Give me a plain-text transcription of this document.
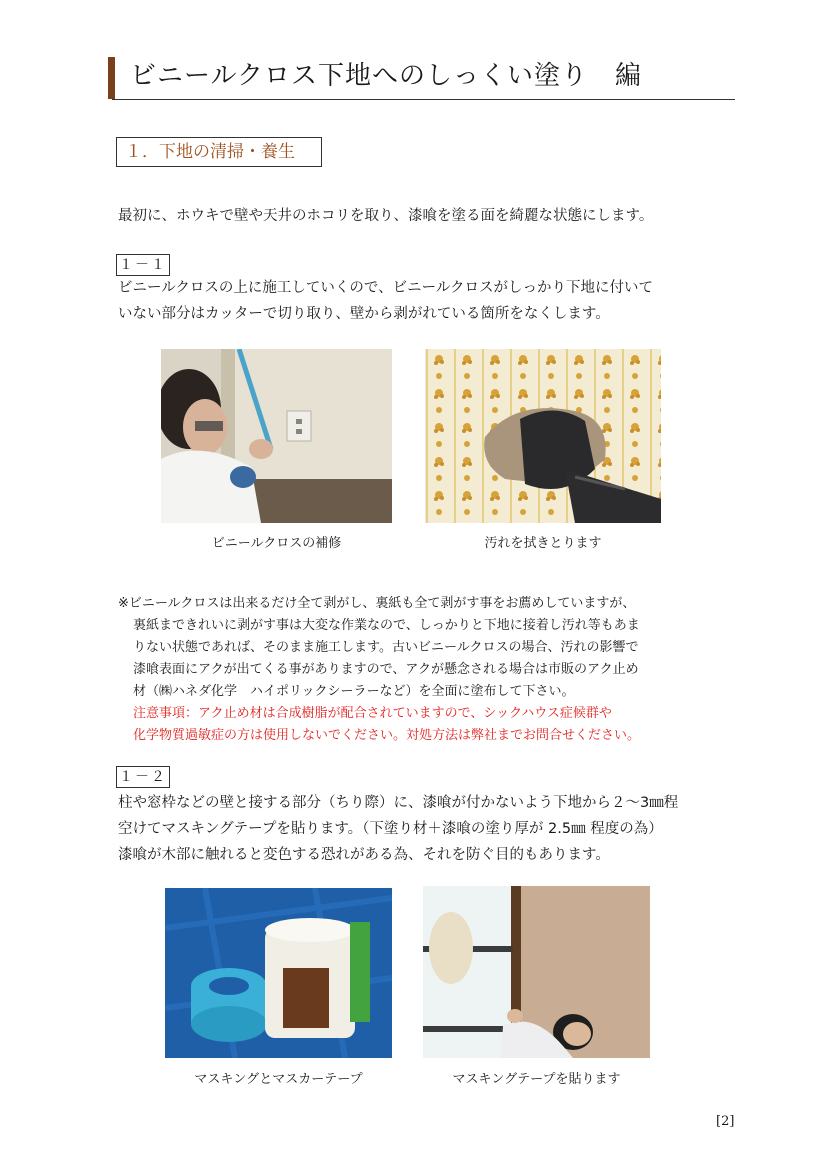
ビニールクロス下地へのしっくい塗り　編
１．下地の清掃・養生
最初に、ホウキで壁や天井のホコリを取り、漆喰を塗る面を綺麗な状態にします。
１－１
ビニールクロスの上に施工していくので、ビニールクロスがしっかり下地に付いて
いない部分はカッターで切り取り、壁から剥がれている箇所をなくします。
ビニールクロスの補修	汚れを拭きとります
※ビニールクロスは出来るだけ全て剥がし、裏紙も全て剥がす事をお薦めしていますが、
裏紙まできれいに剥がす事は大変な作業なので、しっかりと下地に接着し汚れ等もあま
りない状態であれば、そのまま施工します。古いビニールクロスの場合、汚れの影響で
漆喰表面にアクが出てくる事がありますので、アクが懸念される場合は市販のアク止め
材（㈱ハネダ化学　ハイポリックシーラーなど）を全面に塗布して下さい。
注意事項：アク止め材は合成樹脂が配合されていますので、シックハウス症候群や
化学物質過敏症の方は使用しないでください。対処方法は弊社までお問合せください。
１－２
柱や窓枠などの壁と接する部分（ちり際）に、漆喰が付かないよう下地から２～3㎜程
空けてマスキングテープを貼ります。（下塗り材＋漆喰の塗り厚が 2.5㎜ 程度の為）
漆喰が木部に触れると変色する恐れがある為、それを防ぐ目的もあります。
マスキングとマスカーテープ	マスキングテープを貼ります
[2]
